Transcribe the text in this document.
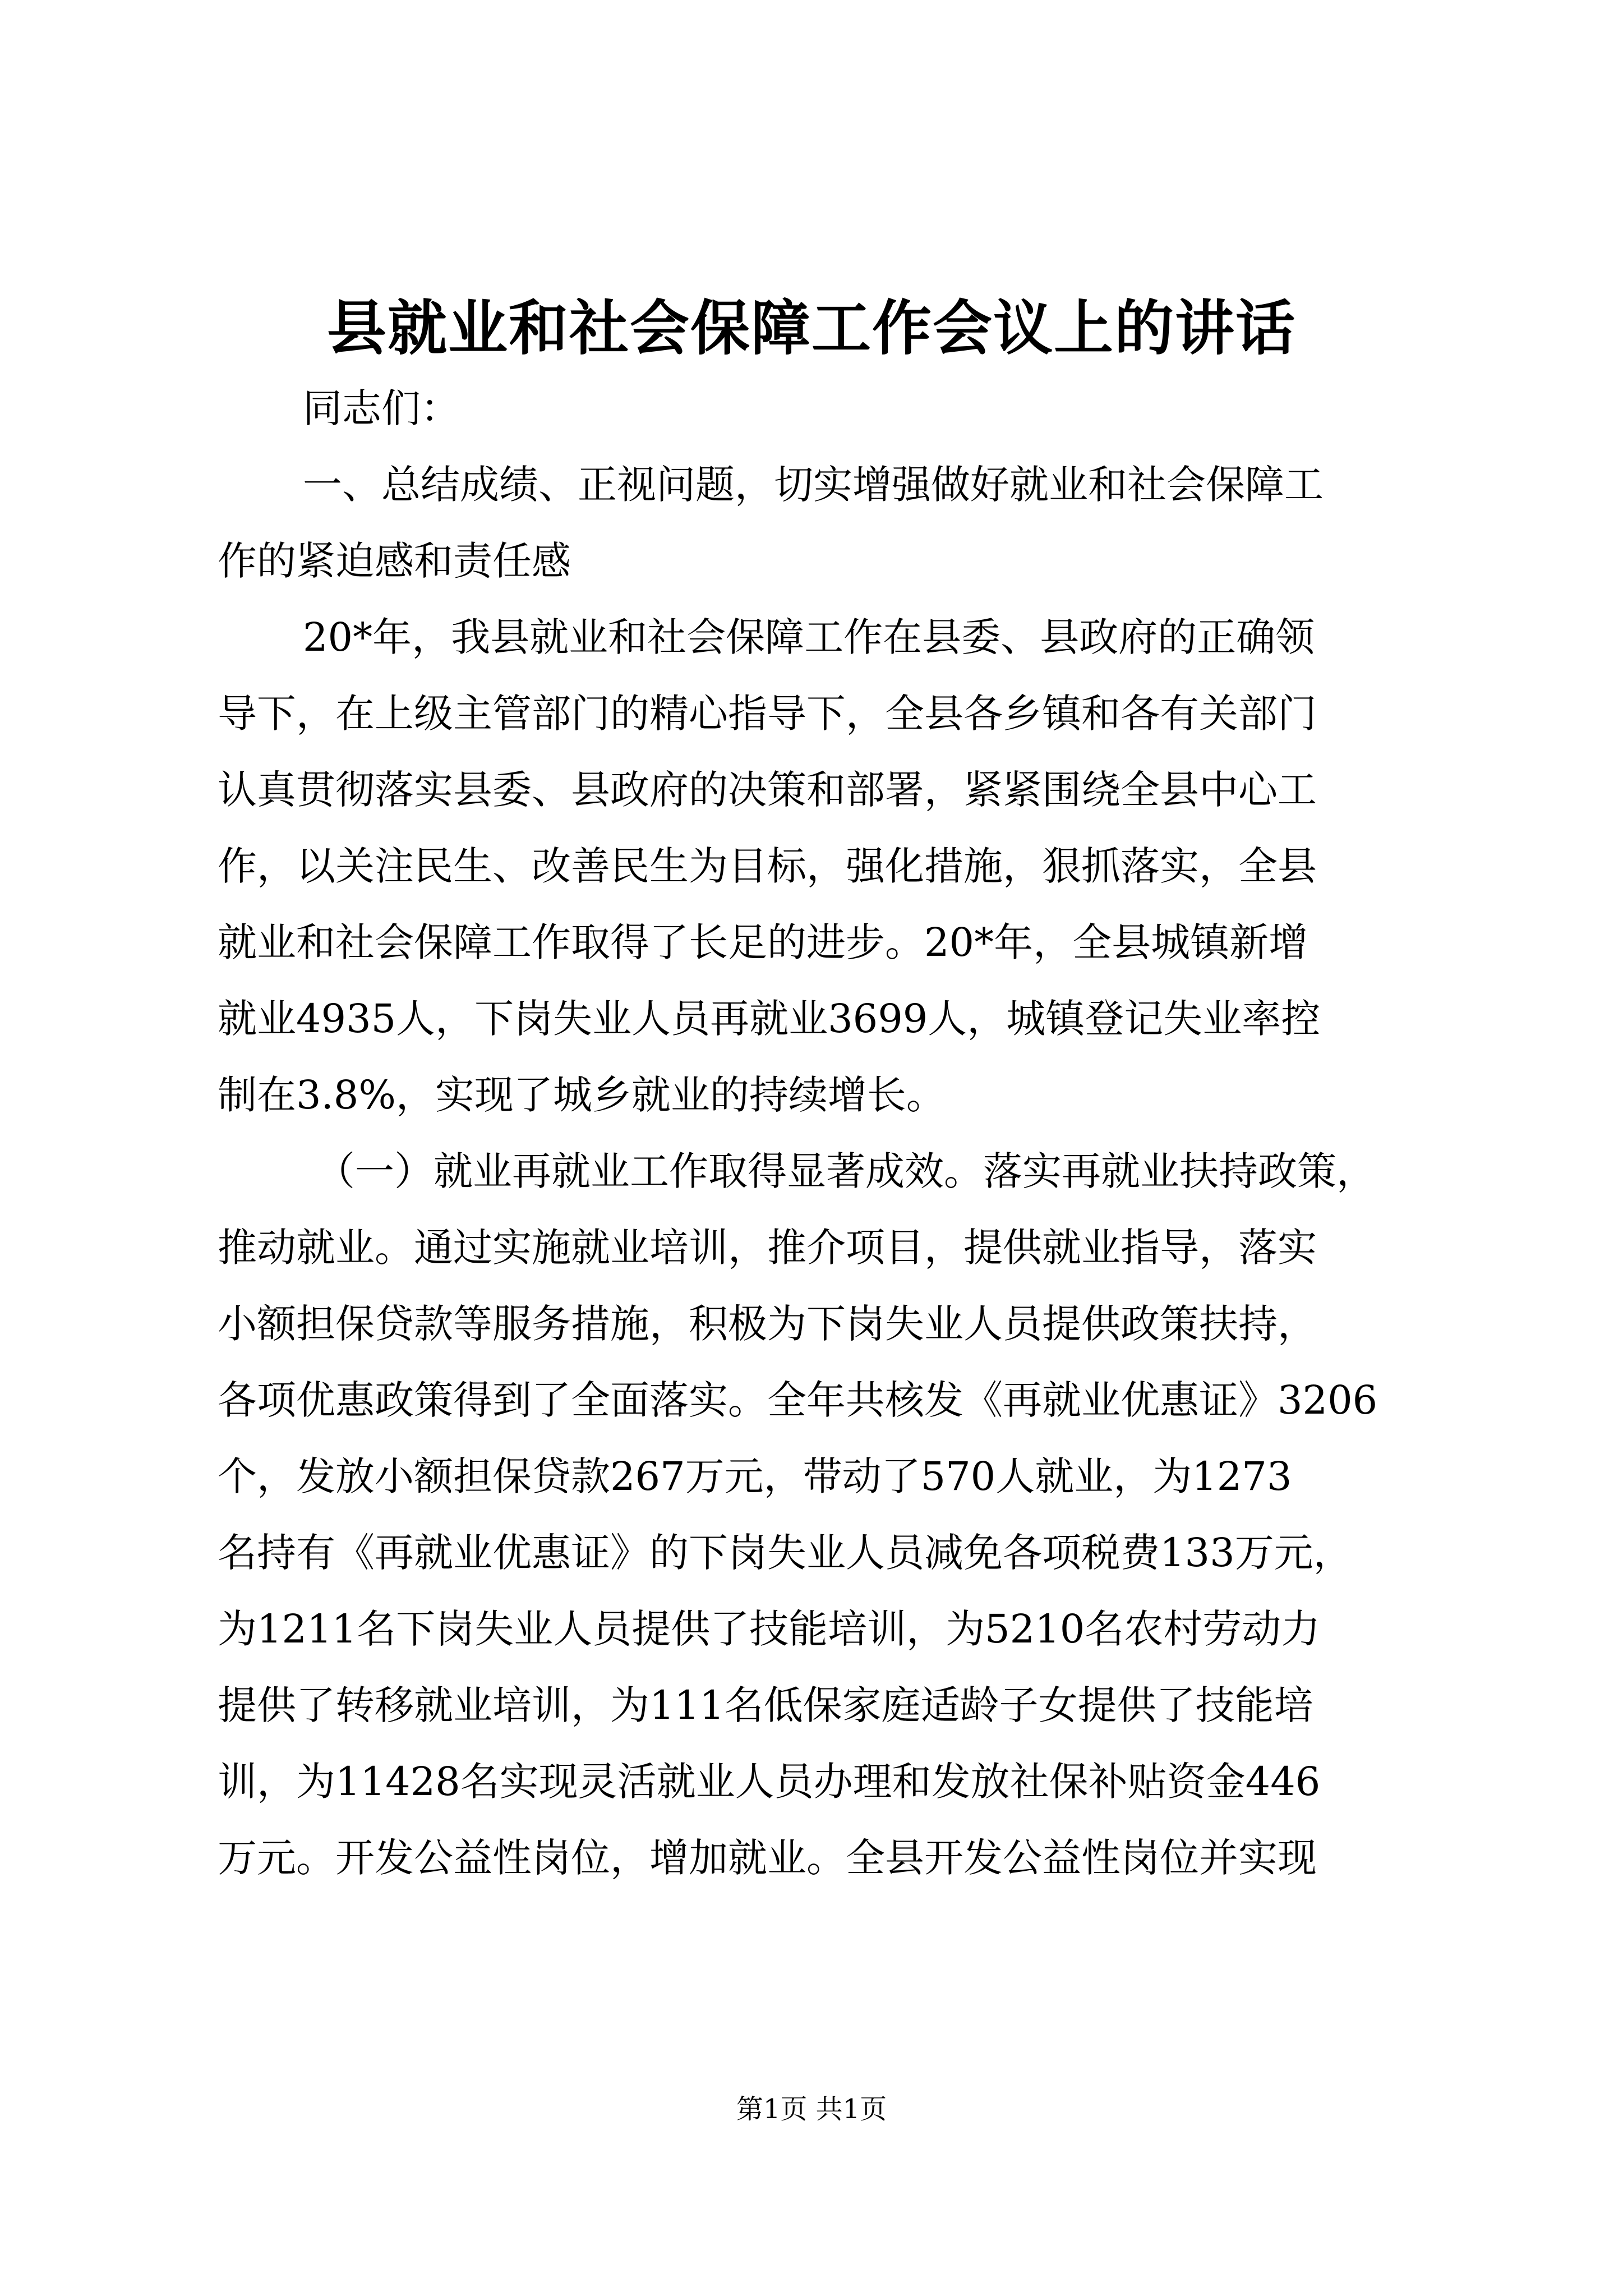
县就业和社会保障工作会议上的讲话
同志们：
一、总结成绩、正视问题，切实增强做好就业和社会保障工
作的紧迫感和责任感
20*年，我县就业和社会保障工作在县委、县政府的正确领
导下，在上级主管部门的精心指导下，全县各乡镇和各有关部门
认真贯彻落实县委、县政府的决策和部署，紧紧围绕全县中心工
作，以关注民生、改善民生为目标，强化措施，狠抓落实，全县
就业和社会保障工作取得了长足的进步。20*年，全县城镇新增
就业4935人，下岗失业人员再就业3699人，城镇登记失业率控
制在3.8%，实现了城乡就业的持续增长。
（一）就业再就业工作取得显著成效。落实再就业扶持政策，
推动就业。通过实施就业培训，推介项目，提供就业指导，落实
小额担保贷款等服务措施，积极为下岗失业人员提供政策扶持，
各项优惠政策得到了全面落实。全年共核发《再就业优惠证》3206
个，发放小额担保贷款267万元，带动了570人就业，为1273
名持有《再就业优惠证》的下岗失业人员减免各项税费133万元，
为1211名下岗失业人员提供了技能培训，为5210名农村劳动力
提供了转移就业培训，为111名低保家庭适龄子女提供了技能培
训，为11428名实现灵活就业人员办理和发放社保补贴资金446
万元。开发公益性岗位，增加就业。全县开发公益性岗位并实现
第1页 共1页
